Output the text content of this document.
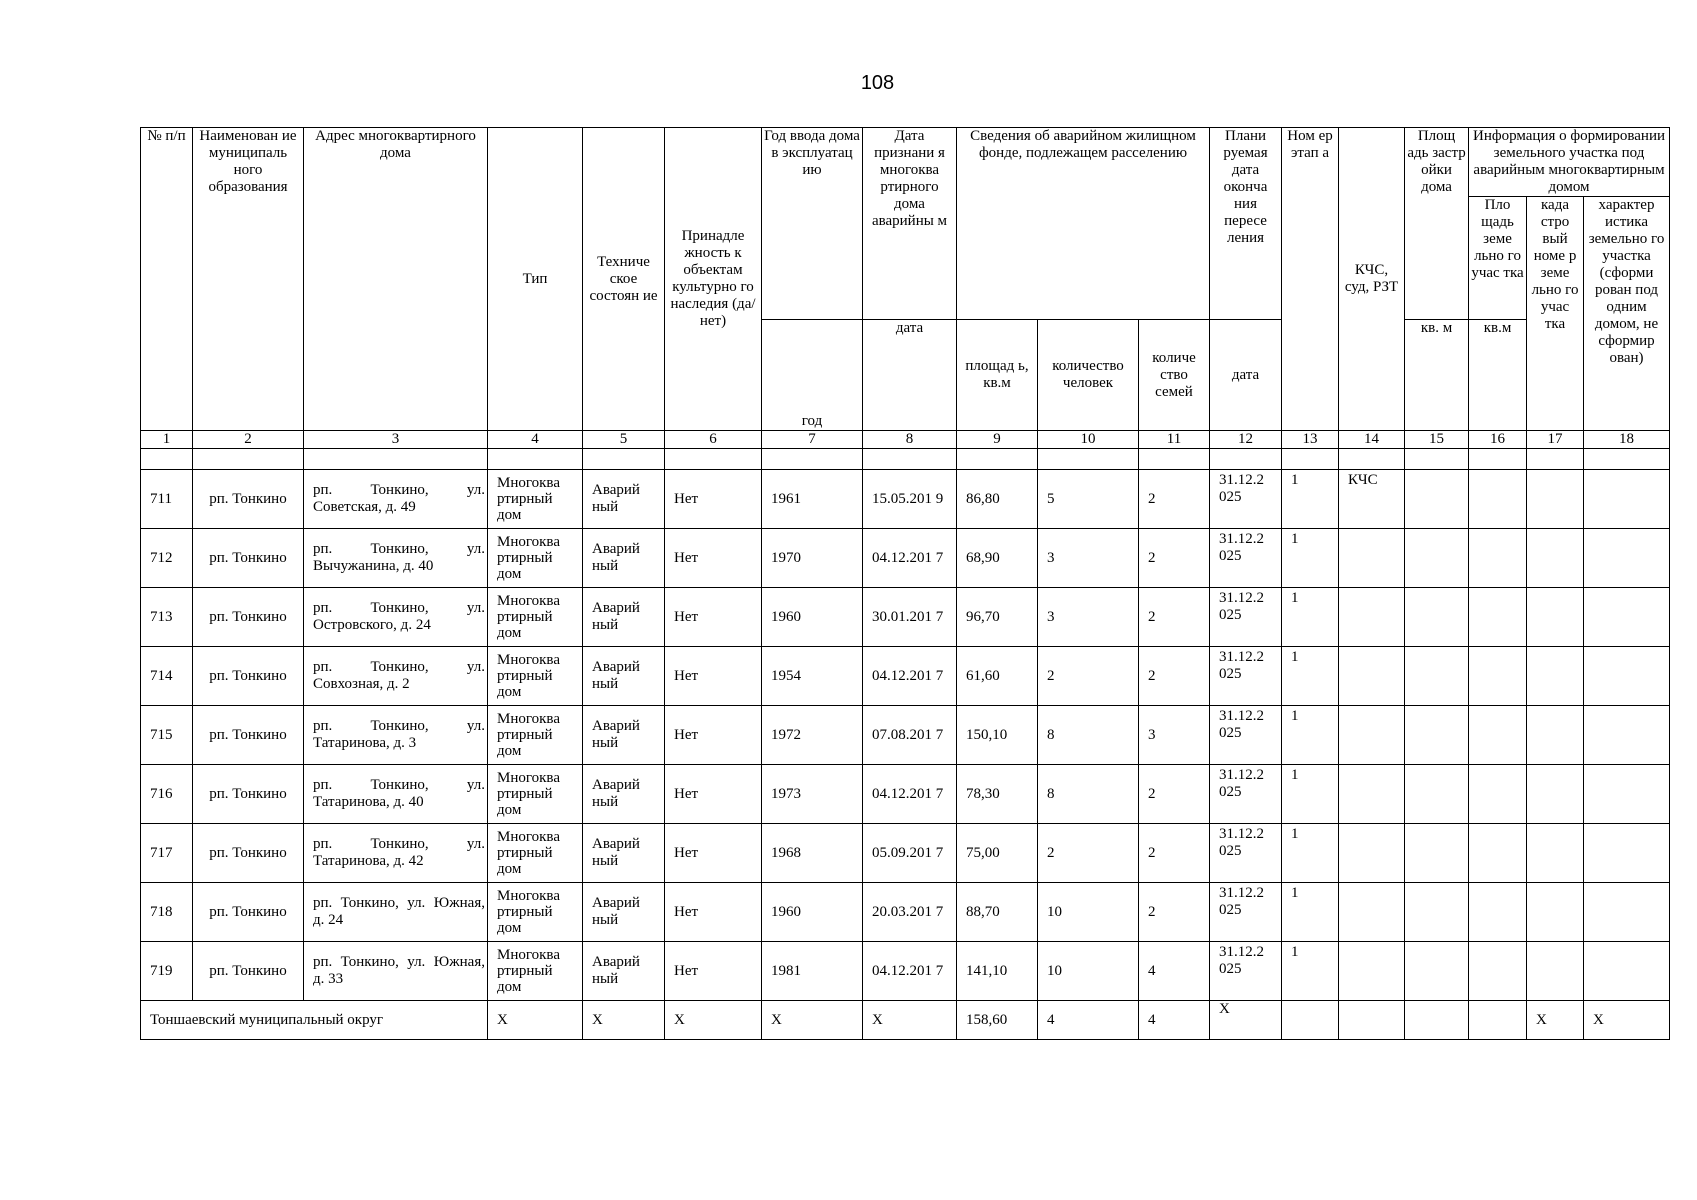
108
№ п/п	Наименован ие муниципаль ного образования	Адрес многоквартирного дома	Тип	Техниче ское состоян ие	Принадле жность к объектам культурно го наследия (да/нет)	Год ввода дома в эксплуатац ию	Дата признани я многоква ртирного дома аварийны м	Сведения об аварийном жилищном фонде, подлежащем расселению			Плани руемая дата оконча ния пересе ления	Ном ер этап а	КЧС, суд, РЗТ	Площ адь застр ойки дома	Информация о формировании земельного участка под аварийным многоквартирным домом		
															Пло щадь земе льно го учас тка	када стро вый номе р земе льно го учас тка	характер истика земельно го участка (сформи рован под одним домом, не сформир ован)
						год	дата	площад ь, кв.м	количество человек	количе ство семей	дата			кв. м	кв.м		
1	2	3	4	5	6	7	8	9	10	11	12	13	14	15	16	17	18

711	рп. Тонкино	рп. Тонкино, ул. Советская, д. 49	Многоква ртирный дом	Аварий ный	Нет	1961	15.05.201 9	86,80	5	2	31.12.2 025	1	КЧС				
712	рп. Тонкино	рп. Тонкино, ул. Вычужанина, д. 40	Многоква ртирный дом	Аварий ный	Нет	1970	04.12.201 7	68,90	3	2	31.12.2 025	1					
713	рп. Тонкино	рп. Тонкино, ул. Островского, д. 24	Многоква ртирный дом	Аварий ный	Нет	1960	30.01.201 7	96,70	3	2	31.12.2 025	1					
714	рп. Тонкино	рп. Тонкино, ул. Совхозная, д. 2	Многоква ртирный дом	Аварий ный	Нет	1954	04.12.201 7	61,60	2	2	31.12.2 025	1					
715	рп. Тонкино	рп. Тонкино, ул. Татаринова, д. 3	Многоква ртирный дом	Аварий ный	Нет	1972	07.08.201 7	150,10	8	3	31.12.2 025	1					
716	рп. Тонкино	рп. Тонкино, ул. Татаринова, д. 40	Многоква ртирный дом	Аварий ный	Нет	1973	04.12.201 7	78,30	8	2	31.12.2 025	1					
717	рп. Тонкино	рп. Тонкино, ул. Татаринова, д. 42	Многоква ртирный дом	Аварий ный	Нет	1968	05.09.201 7	75,00	2	2	31.12.2 025	1					
718	рп. Тонкино	рп. Тонкино, ул. Южная, д. 24	Многоква ртирный дом	Аварий ный	Нет	1960	20.03.201 7	88,70	10	2	31.12.2 025	1					
719	рп. Тонкино	рп. Тонкино, ул. Южная, д. 33	Многоква ртирный дом	Аварий ный	Нет	1981	04.12.201 7	141,10	10	4	31.12.2 025	1					
Тоншаевский муниципальный округ			Х	Х	Х	Х	Х	158,60	4	4	Х					Х	Х
